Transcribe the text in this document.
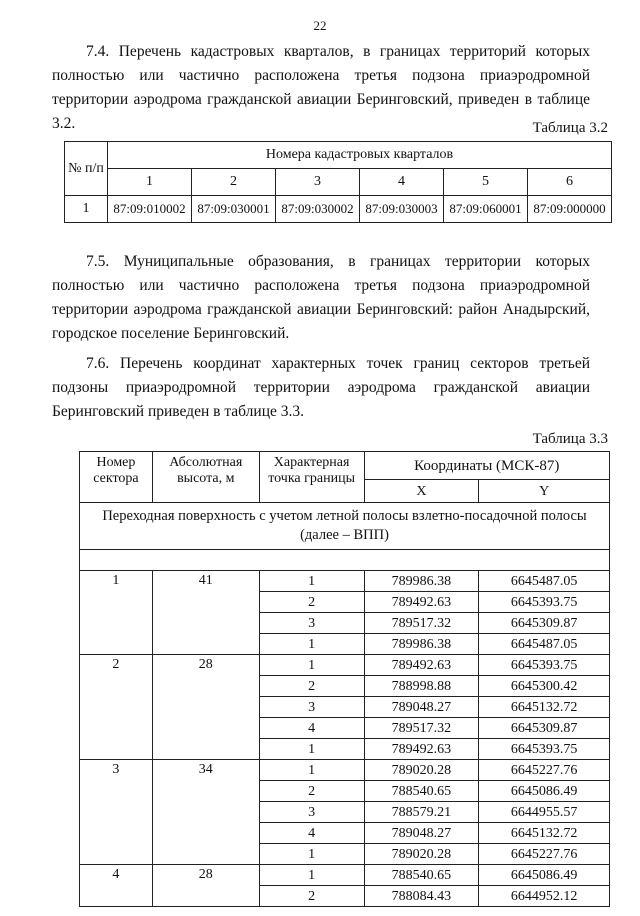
22

7.4. Перечень кадастровых кварталов, в границах территорий которых полностью или частично расположена третья подзона приаэродромной территории аэродрома гражданской авиации Беринговский, приведен в таблице 3.2.	Таблица 3.2
№ п/п	Номера кадастровых кварталов					
	1	2	3	4	5	6
1	87:09:010002	87:09:030001	87:09:030002	87:09:030003	87:09:060001	87:09:000000

7.5. Муниципальные образования, в границах территории которых полностью или частично расположена третья подзона приаэродромной территории аэродрома гражданской авиации Беринговский: район Анадырский, городское поселение Беринговский.

7.6. Перечень координат характерных точек границ секторов третьей подзоны приаэродромной территории аэродрома гражданской авиации Беринговский приведен в таблице 3.3.

Таблица 3.3
Номер сектора	Абсолютная высота, м	Характерная точка границы	Координаты (МСК-87)	
			X	Y
Переходная поверхность с учетом летной полосы взлетно-посадочной полосы (далее – ВПП)				

1	41	1	789986.38	6645487.05
		2	789492.63	6645393.75
		3	789517.32	6645309.87
		1	789986.38	6645487.05
2	28	1	789492.63	6645393.75
		2	788998.88	6645300.42
		3	789048.27	6645132.72
		4	789517.32	6645309.87
		1	789492.63	6645393.75
3	34	1	789020.28	6645227.76
		2	788540.65	6645086.49
		3	788579.21	6644955.57
		4	789048.27	6645132.72
		1	789020.28	6645227.76
4	28	1	788540.65	6645086.49
		2	788084.43	6644952.12
